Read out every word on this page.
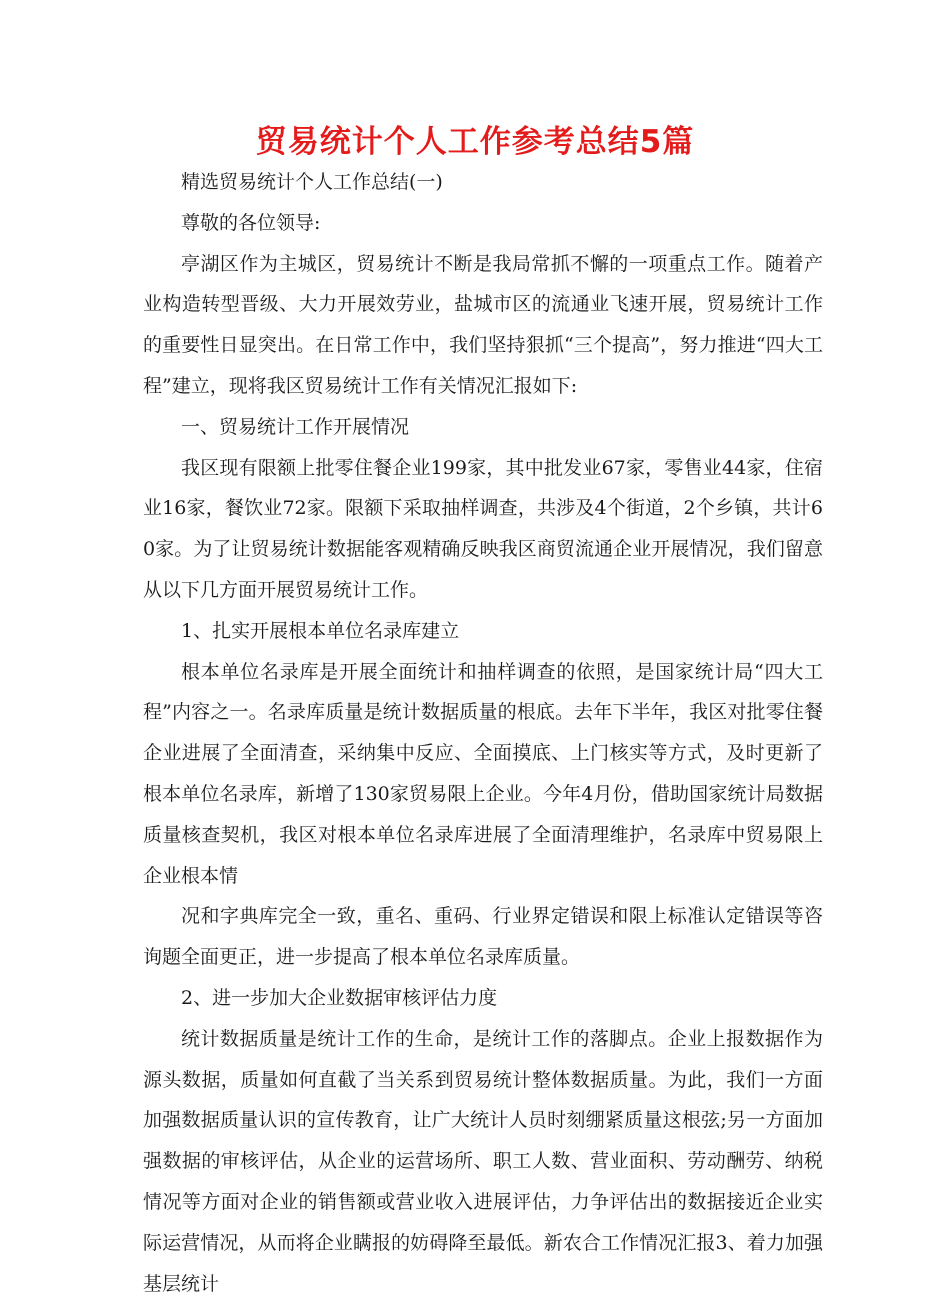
贸易统计个人工作参考总结5篇

精选贸易统计个人工作总结(一)

尊敬的各位领导:

亭湖区作为主城区，贸易统计不断是我局常抓不懈的一项重点工作。随着产业构造转型晋级、大力开展效劳业，盐城市区的流通业飞速开展，贸易统计工作的重要性日显突出。在日常工作中，我们坚持狠抓“三个提高”，努力推进“四大工程”建立，现将我区贸易统计工作有关情况汇报如下:

一、贸易统计工作开展情况

我区现有限额上批零住餐企业199家，其中批发业67家，零售业44家，住宿业16家，餐饮业72家。限额下采取抽样调查，共涉及4个街道，2个乡镇，共计60家。为了让贸易统计数据能客观精确反映我区商贸流通企业开展情况，我们留意从以下几方面开展贸易统计工作。

1、扎实开展根本单位名录库建立

根本单位名录库是开展全面统计和抽样调查的依照，是国家统计局“四大工程”内容之一。名录库质量是统计数据质量的根底。去年下半年，我区对批零住餐企业进展了全面清查，采纳集中反应、全面摸底、上门核实等方式，及时更新了根本单位名录库，新增了130家贸易限上企业。今年4月份，借助国家统计局数据质量核查契机，我区对根本单位名录库进展了全面清理维护，名录库中贸易限上企业根本情

况和字典库完全一致，重名、重码、行业界定错误和限上标准认定错误等咨询题全面更正，进一步提高了根本单位名录库质量。

2、进一步加大企业数据审核评估力度

统计数据质量是统计工作的生命，是统计工作的落脚点。企业上报数据作为源头数据，质量如何直截了当关系到贸易统计整体数据质量。为此，我们一方面加强数据质量认识的宣传教育，让广大统计人员时刻绷紧质量这根弦;另一方面加强数据的审核评估，从企业的运营场所、职工人数、营业面积、劳动酬劳、纳税情况等方面对企业的销售额或营业收入进展评估，力争评估出的数据接近企业实际运营情况，从而将企业瞒报的妨碍降至最低。新农合工作情况汇报3、着力加强基层统计
